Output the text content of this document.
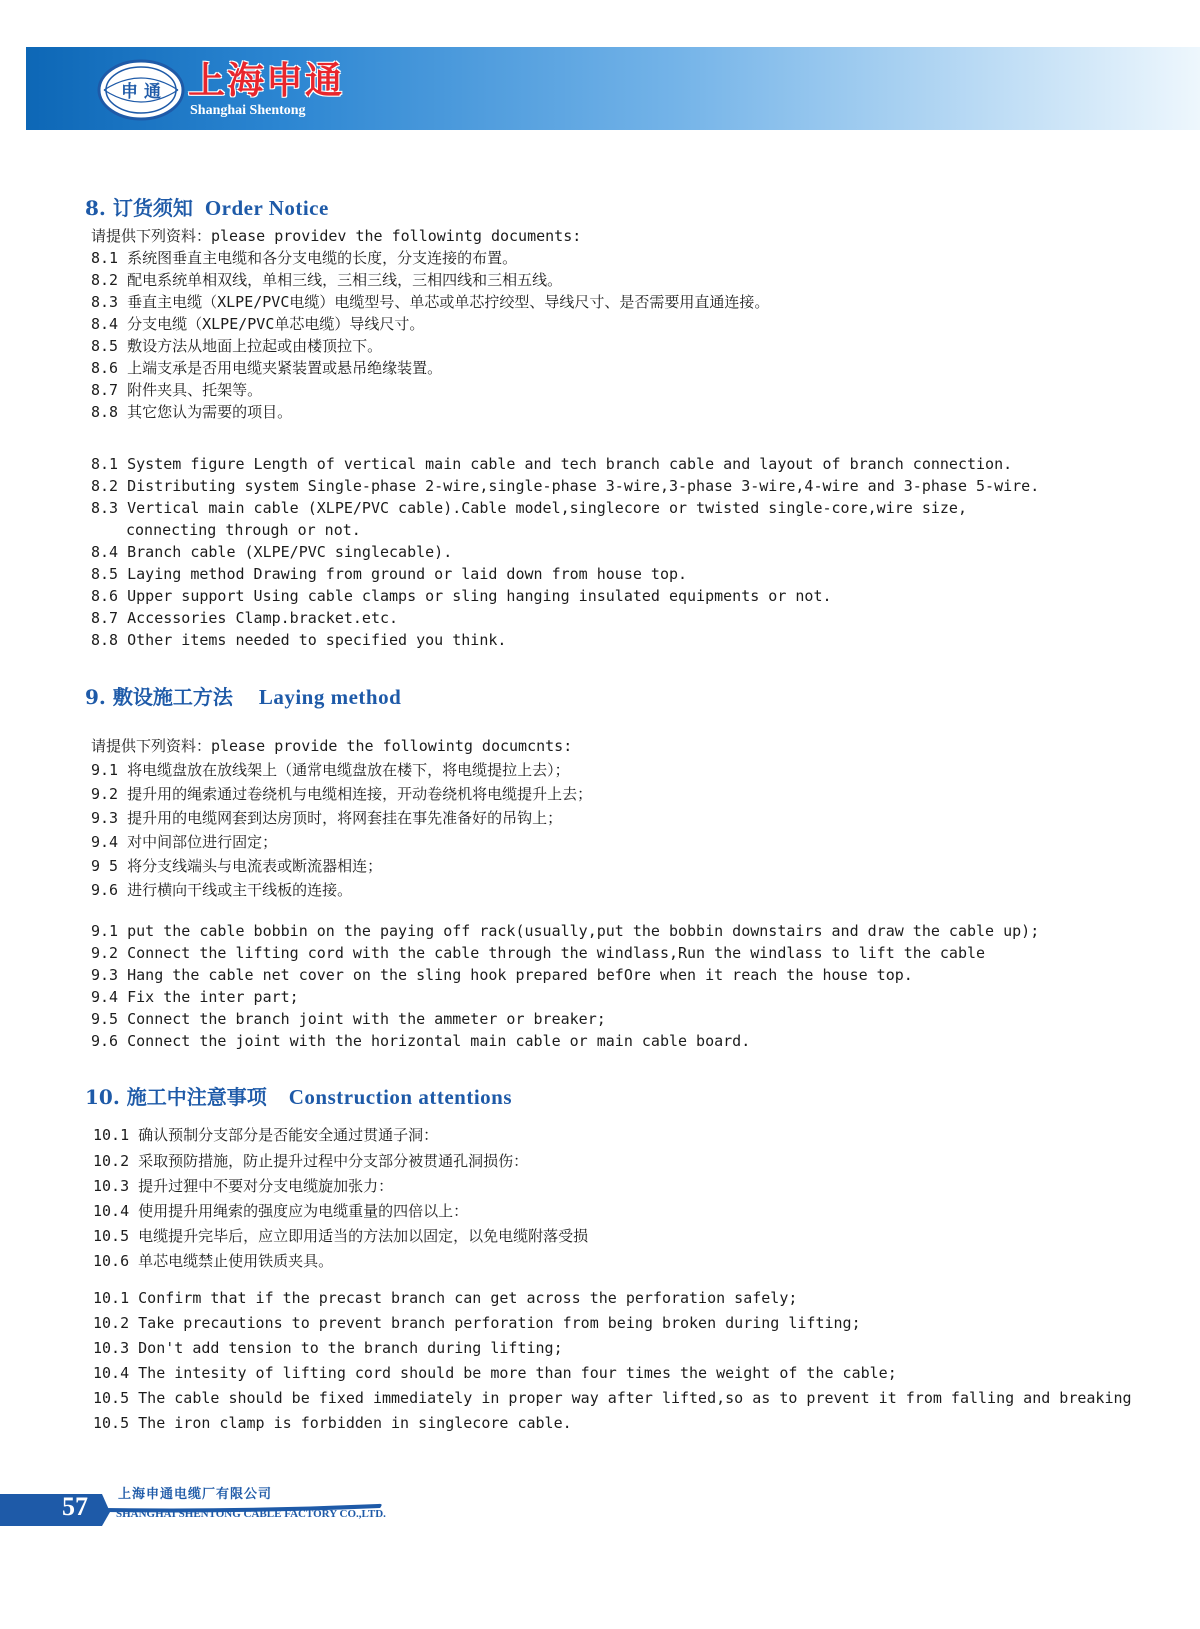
申 通 上海申通
Shanghai Shentong
8. 订货须知 Order Notice
请提供下列资料：please providev the followintg documents:
8.1 系统图垂直主电缆和各分支电缆的长度，分支连接的布置。
8.2 配电系统单相双线，单相三线，三相三线，三相四线和三相五线。
8.3 垂直主电缆（XLPE/PVC电缆）电缆型号、单芯或单芯拧绞型、导线尺寸、是否需要用直通连接。
8.4 分支电缆（XLPE/PVC单芯电缆）导线尺寸。
8.5 敷设方法从地面上拉起或由楼顶拉下。
8.6 上端支承是否用电缆夹紧装置或悬吊绝缘装置。
8.7 附件夹具、托架等。
8.8 其它您认为需要的项目。
8.1 System figure Length of vertical main cable and tech branch cable and layout of branch connection.
8.2 Distributing system Single-phase 2-wire,single-phase 3-wire,3-phase 3-wire,4-wire and 3-phase 5-wire.
8.3 Vertical main cable (XLPE/PVC cable).Cable model,singlecore or twisted single-core,wire size,
connecting through or not.
8.4 Branch cable (XLPE/PVC singlecable).
8.5 Laying method Drawing from ground or laid down from house top.
8.6 Upper support Using cable clamps or sling hanging insulated equipments or not.
8.7 Accessories Clamp.bracket.etc.
8.8 Other items needed to specified you think.
9. 敷设施工方法 Laying method
请提供下列资料：please provide the followintg documcnts:
9.1 将电缆盘放在放线架上（通常电缆盘放在楼下，将电缆提拉上去）；
9.2 提升用的绳索通过卷绕机与电缆相连接，开动卷绕机将电缆提升上去；
9.3 提升用的电缆网套到达房顶时，将网套挂在事先准备好的吊钩上；
9.4 对中间部位进行固定；
9 5 将分支线端头与电流表或断流器相连；
9.6 进行横向干线或主干线板的连接。
9.1 put the cable bobbin on the paying off rack(usually,put the bobbin downstairs and draw the cable up);
9.2 Connect the lifting cord with the cable through the windlass,Run the windlass to lift the cable
9.3 Hang the cable net cover on the sling hook prepared befOre when it reach the house top.
9.4 Fix the inter part;
9.5 Connect the branch joint with the ammeter or breaker;
9.6 Connect the joint with the horizontal main cable or main cable board.
10. 施工中注意事项 Construction attentions
10.1 确认预制分支部分是否能安全通过贯通子洞：
10.2 采取预防措施，防止提升过程中分支部分被贯通孔洞损伤：
10.3 提升过狸中不要对分支电缆旋加张力：
10.4 使用提升用绳索的强度应为电缆重量的四倍以上：
10.5 电缆提升完毕后，应立即用适当的方法加以固定，以免电缆附落受损
10.6 单芯电缆禁止使用铁质夹具。
10.1 Confirm that if the precast branch can get across the perforation safely;
10.2 Take precautions to prevent branch perforation from being broken during lifting;
10.3 Don't add tension to the branch during lifting;
10.4 The intesity of lifting cord should be more than four times the weight of the cable;
10.5 The cable should be fixed immediately in proper way after lifted,so as to prevent it from falling and breaking
10.5 The iron clamp is forbidden in singlecore cable.
57	上海申通电缆厂有限公司
SHANGHAI SHENTONG CABLE FACTORY CO.,LTD.
